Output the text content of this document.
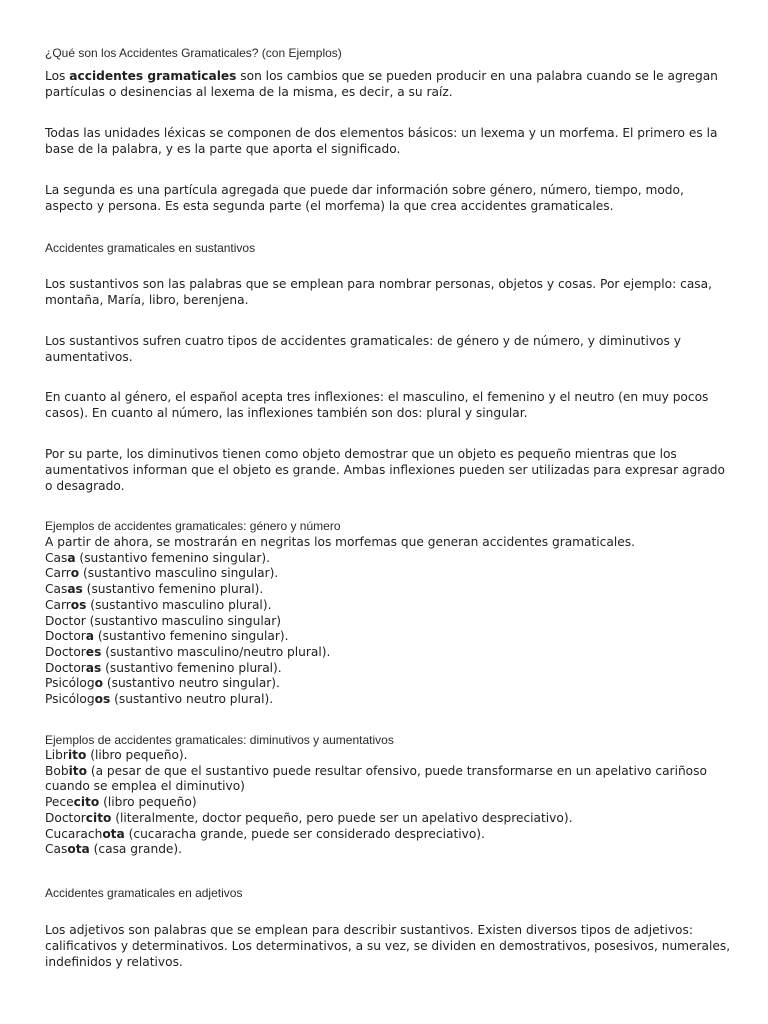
¿Qué son los Accidentes Gramaticales? (con Ejemplos)

Los accidentes gramaticales son los cambios que se pueden producir en una palabra cuando se le agregan partículas o desinencias al lexema de la misma, es decir, a su raíz.

Todas las unidades léxicas se componen de dos elementos básicos: un lexema y un morfema. El primero es la base de la palabra, y es la parte que aporta el significado.

La segunda es una partícula agregada que puede dar información sobre género, número, tiempo, modo, aspecto y persona. Es esta segunda parte (el morfema) la que crea accidentes gramaticales.

Accidentes gramaticales en sustantivos

Los sustantivos son las palabras que se emplean para nombrar personas, objetos y cosas. Por ejemplo: casa, montaña, María, libro, berenjena.

Los sustantivos sufren cuatro tipos de accidentes gramaticales: de género y de número, y diminutivos y aumentativos.

En cuanto al género, el español acepta tres inflexiones: el masculino, el femenino y el neutro (en muy pocos casos). En cuanto al número, las inflexiones también son dos: plural y singular.

Por su parte, los diminutivos tienen como objeto demostrar que un objeto es pequeño mientras que los aumentativos informan que el objeto es grande. Ambas inflexiones pueden ser utilizadas para expresar agrado o desagrado.

Ejemplos de accidentes gramaticales: género y número
A partir de ahora, se mostrarán en negritas los morfemas que generan accidentes gramaticales.
Casa (sustantivo femenino singular).
Carro (sustantivo masculino singular).
Casas (sustantivo femenino plural).
Carros (sustantivo masculino plural).
Doctor (sustantivo masculino singular)
Doctora (sustantivo femenino singular).
Doctores (sustantivo masculino/neutro plural).
Doctoras (sustantivo femenino plural).
Psicólogo (sustantivo neutro singular).
Psicólogos (sustantivo neutro plural).
Ejemplos de accidentes gramaticales: diminutivos y aumentativos
Librito (libro pequeño).
Bobito (a pesar de que el sustantivo puede resultar ofensivo, puede transformarse en un apelativo cariñoso cuando se emplea el diminutivo)
Pececito (libro pequeño)
Doctorcito (literalmente, doctor pequeño, pero puede ser un apelativo despreciativo).
Cucarachota (cucaracha grande, puede ser considerado despreciativo).
Casota (casa grande).
Accidentes gramaticales en adjetivos

Los adjetivos son palabras que se emplean para describir sustantivos. Existen diversos tipos de adjetivos: calificativos y determinativos. Los determinativos, a su vez, se dividen en demostrativos, posesivos, numerales, indefinidos y relativos.
